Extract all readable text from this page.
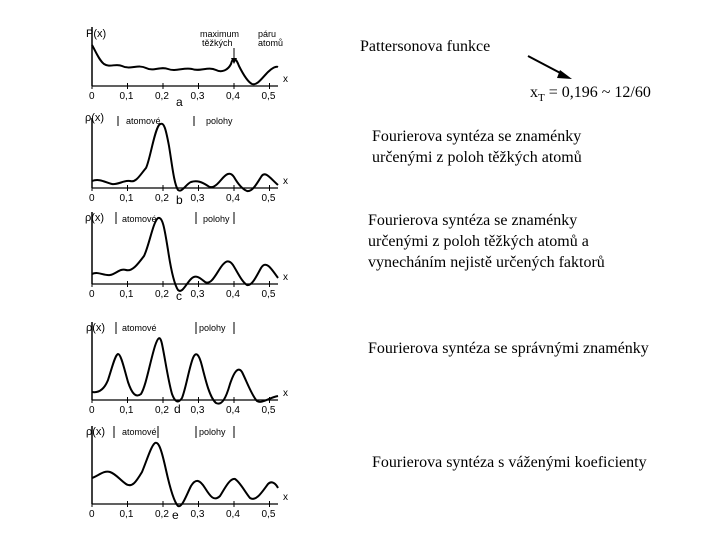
P(x)	maximum
těžkých
páru
atomů
a
ρ(x) atomové	polohy
b
ρ(x) atomové	polohy
c
ρ(x) atomové	polohy
d
ρ(x) atomové	polohy
e
0 0,1 0,2 0,3 0,4 0,5
x
0 0,1 0,2 0,3 0,4 0,5
x
0 0,1 0,2 0,3 0,4 0,5
x
0 0,1 0,2 0,3 0,4 0,5
x
0 0,1 0,2 0,3 0,4 0,5
x
Pattersonova funkce
$x_T = 0,196$ ~ 12/60
Fourierova syntéza se znaménky
určenými z poloh těžkých atomů
Fourierova syntéza se znaménky
určenými z poloh těžkých atomů a
vynecháním nejistě určených faktorů
Fourierova syntéza se správnými znaménky
Fourierova syntéza s váženými koeficienty
